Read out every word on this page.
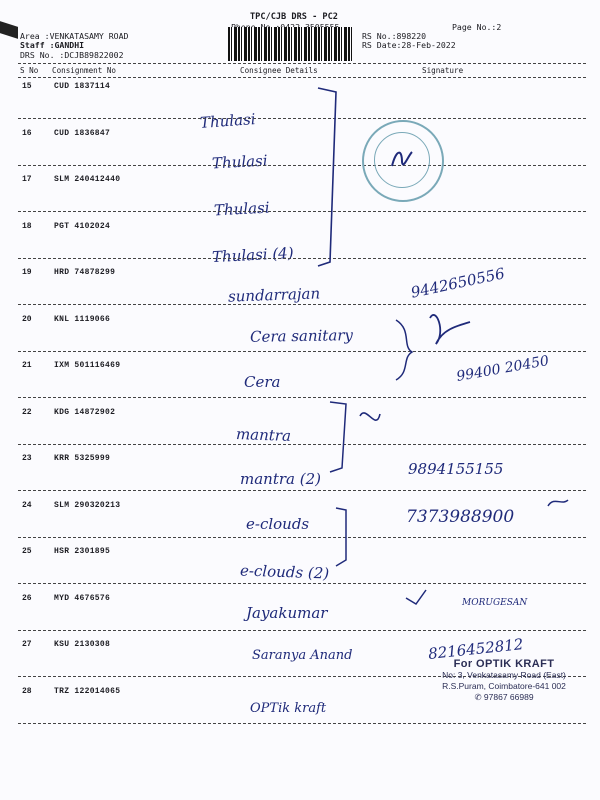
TPC/CJB DRS - PC2
Page No.:2
Area :VENKATASAMY ROAD
Staff :GANDHI
DRS No. :DCJB89822002
RS No.:898220
RS Date:28-Feb-2022
S No Consignment No	Consignee Details	Signature
15	CUD 1837114
Thulasi
16	CUD 1836847
Thulasi
17	SLM 240412440
Thulasi
18	PGT 4102024
Thulasi (4)
19	HRD 74878299
sundarrajan	9442650556
20	KNL 1119066
Cera sanitary
21	IXM 501116469
Cera	99400 20450
22	KDG 14872902
mantra
23	KRR 5325999
mantra (2)
9894155155
24	SLM 290320213
e-clouds	7373988900
25	HSR 2301895
e-clouds (2)
26	MYD 4676576
Jayakumar
MORUGESAN
27	KSU 2130308
Saranya Anand	8216452812
28	TRZ 122014065
OPTik kraft
For OPTIK KRAFT
No: 3, Venkatasamy Road (East)
R.S.Puram, Coimbatore-641 002
✆ 97867 66989
